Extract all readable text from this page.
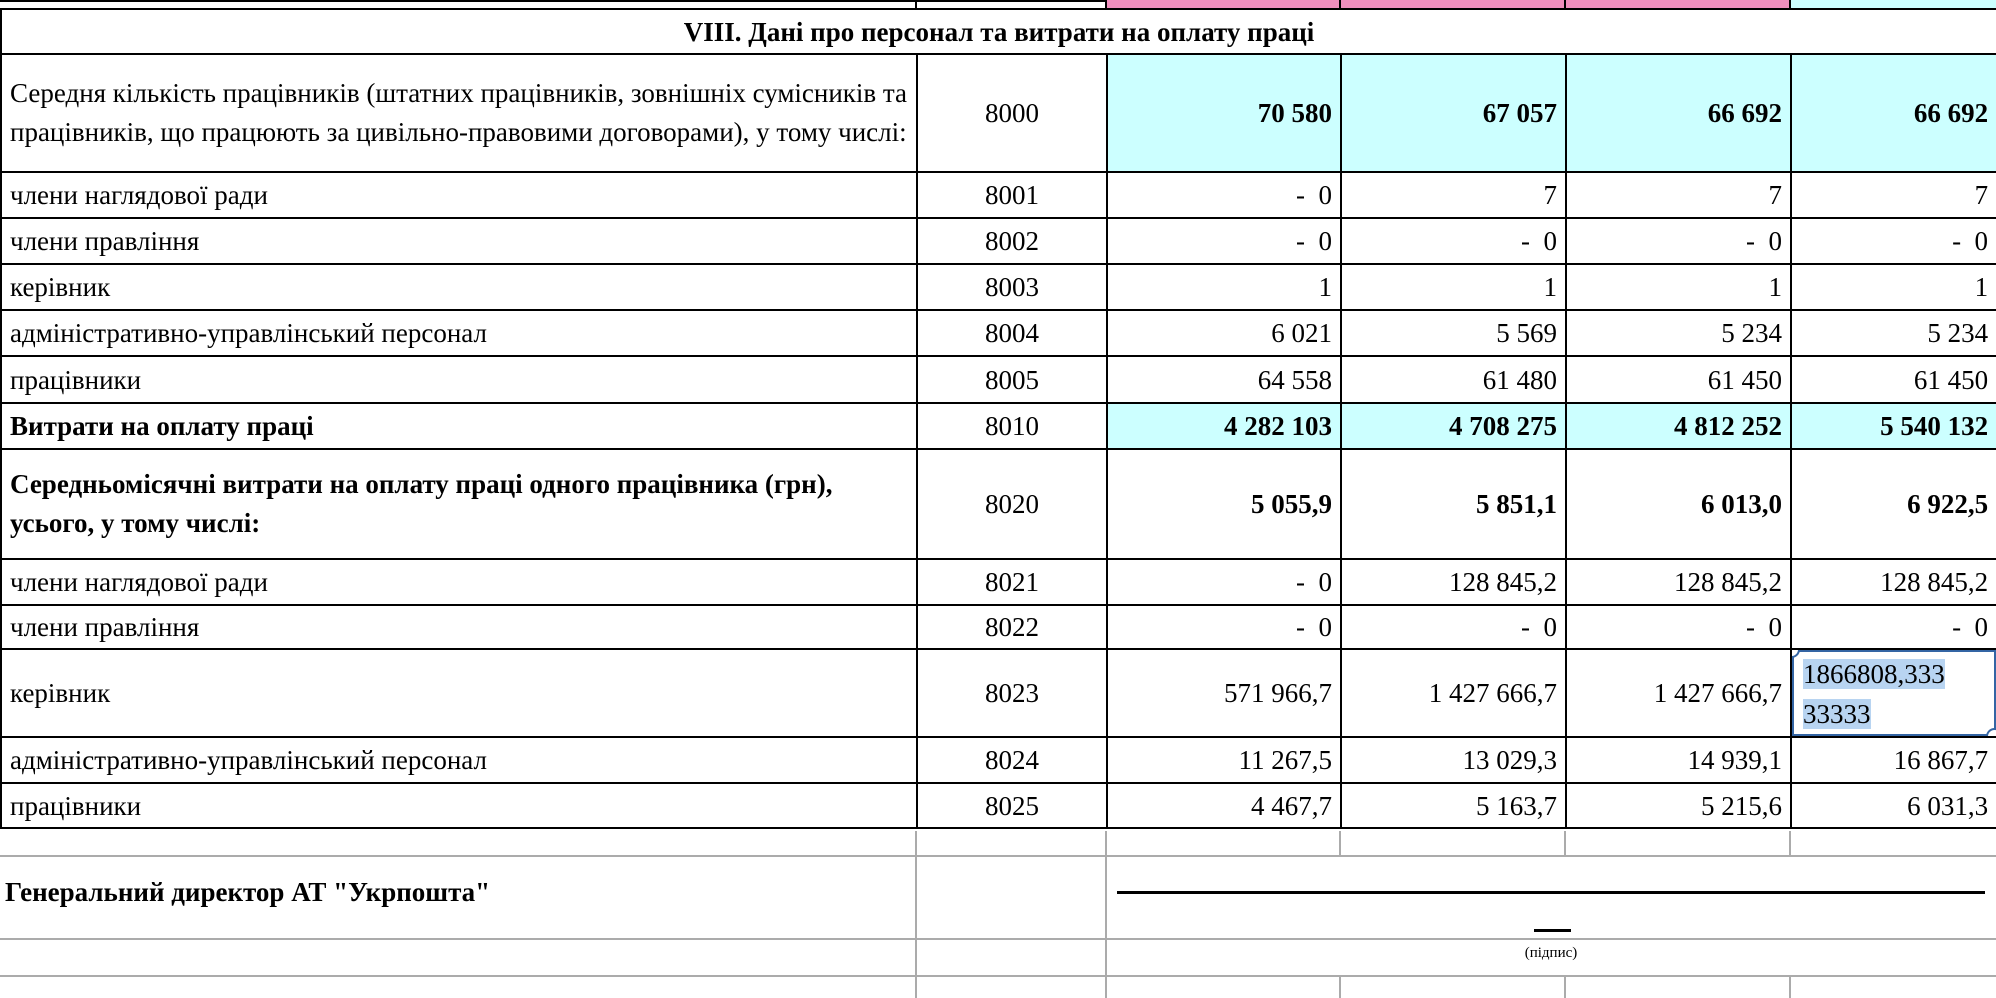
VIII. Дані про персонал та витрати на оплату праці					
Середня кількість працівників (штатних працівників, зовнішніх сумісників та працівників, що працюють за цивільно-правовими договорами), у тому числі:	8000	70 580	67 057	66 692	66 692
члени наглядової ради	8001	-  0	7	7	7
члени правління	8002	-  0	-  0	-  0	-  0
керівник	8003	1	1	1	1
адміністративно-управлінський персонал	8004	6 021	5 569	5 234	5 234
працівники	8005	64 558	61 480	61 450	61 450
Витрати на оплату праці	8010	4 282 103	4 708 275	4 812 252	5 540 132
Середньомісячні витрати на оплату праці одного працівника (грн), усього, у тому числі:	8020	5 055,9	5 851,1	6 013,0	6 922,5
члени наглядової ради	8021	-  0	128 845,2	128 845,2	128 845,2
члени правління	8022	-  0	-  0	-  0	-  0
керівник	8023	571 966,7	1 427 666,7	1 427 666,7	1866808,333
33333

адміністративно-управлінський персонал	8024	11 267,5	13 029,3	14 939,1	16 867,7
працівники	8025	4 467,7	5 163,7	5 215,6	6 031,3
Генеральний директор АТ "Укрпошта"
(підпис)
